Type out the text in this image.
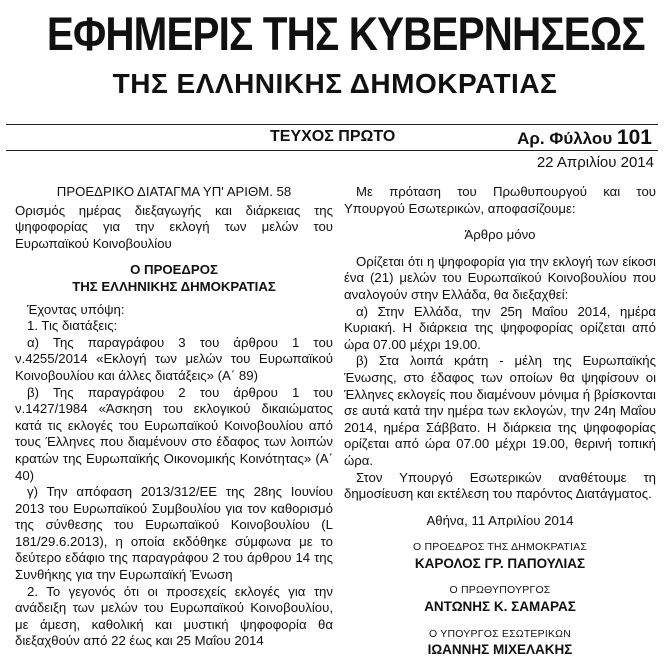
ΕΦΗΜΕΡΙΣ ΤΗΣ ΚΥΒΕΡΝΗΣΕΩΣ
ΤΗΣ ΕΛΛΗΝΙΚΗΣ ΔΗΜΟΚΡΑΤΙΑΣ
ΤΕΥΧΟΣ ΠΡΩΤΟ	Αρ. Φύλλου 101
22 Απριλίου 2014

ΠΡΟΕΔΡΙΚΟ ΔΙΑΤΑΓΜΑ ΥΠ' ΑΡΙΘΜ. 58

Ορισμός ημέρας διεξαγωγής και διάρκειας της ψηφοφορίας για την εκλογή των μελών του Ευρωπαϊκού Κοινοβουλίου

Ο ΠΡΟΕΔΡΟΣ

ΤΗΣ ΕΛΛΗΝΙΚΗΣ ΔΗΜΟΚΡΑΤΙΑΣ

Έχοντας υπόψη:

1. Τις διατάξεις:

α) Της παραγράφου 3 του άρθρου 1 του ν.4255/2014 «Εκλογή των μελών του Ευρωπαϊκού Κοινοβουλίου και άλλες διατάξεις» (Α΄ 89)

β) Της παραγράφου 2 του άρθρου 1 του ν.1427/1984 «Άσκηση του εκλογικού δικαιώματος κατά τις εκλογές του Ευρωπαϊκού Κοινοβουλίου από τους Έλληνες που διαμένουν στο έδαφος των λοιπών κρατών της Ευρωπαϊκής Οικονομικής Κοινότητας» (Α΄ 40)

γ) Την απόφαση 2013/312/ΕΕ της 28ης Ιουνίου 2013 του Ευρωπαϊκού Συμβουλίου για τον καθορισμό της σύνθεσης του Ευρωπαϊκού Κοινοβουλίου (L 181/29.6.2013), η οποία εκδόθηκε σύμφωνα με το δεύτερο εδάφιο της παραγράφου 2 του άρθρου 14 της Συνθήκης για την Ευρωπαϊκή Ένωση

2. Το γεγονός ότι οι προσεχείς εκλογές για την ανάδειξη των μελών του Ευρωπαϊκού Κοινοβουλίου, με άμεση, καθολική και μυστική ψηφοφορία θα διεξαχθούν από 22 έως και 25 Μαΐου 2014

Με πρόταση του Πρωθυπουργού και του Υπουργού Εσωτερικών, αποφασίζουμε:

Άρθρο μόνο

Ορίζεται ότι η ψηφοφορία για την εκλογή των είκοσι ένα (21) μελών του Ευρωπαϊκού Κοινοβουλίου που αναλογούν στην Ελλάδα, θα διεξαχθεί:

α) Στην Ελλάδα, την 25η Μαΐου 2014, ημέρα Κυριακή. Η διάρκεια της ψηφοφορίας ορίζεται από ώρα 07.00 μέχρι 19.00.

β) Στα λοιπά κράτη - μέλη της Ευρωπαϊκής Ένωσης, στο έδαφος των οποίων θα ψηφίσουν οι Έλληνες εκλογείς που διαμένουν μόνιμα ή βρίσκονται σε αυτά κατά την ημέρα των εκλογών, την 24η Μαΐου 2014, ημέρα Σάββατο. Η διάρκεια της ψηφοφορίας ορίζεται από ώρα 07.00 μέχρι 19.00, θερινή τοπική ώρα.

Στον Υπουργό Εσωτερικών αναθέτουμε τη δημοσίευση και εκτέλεση του παρόντος Διατάγματος.

Αθήνα, 11 Απριλίου 2014

Ο ΠΡΟΕΔΡΟΣ ΤΗΣ ΔΗΜΟΚΡΑΤΙΑΣ

ΚΑΡΟΛΟΣ ΓΡ. ΠΑΠΟΥΛΙΑΣ

Ο ΠΡΩΘΥΠΟΥΡΓΟΣ

ΑΝΤΩΝΗΣ Κ. ΣΑΜΑΡΑΣ

Ο ΥΠΟΥΡΓΟΣ ΕΣΩΤΕΡΙΚΩΝ

ΙΩΑΝΝΗΣ ΜΙΧΕΛΑΚΗΣ
